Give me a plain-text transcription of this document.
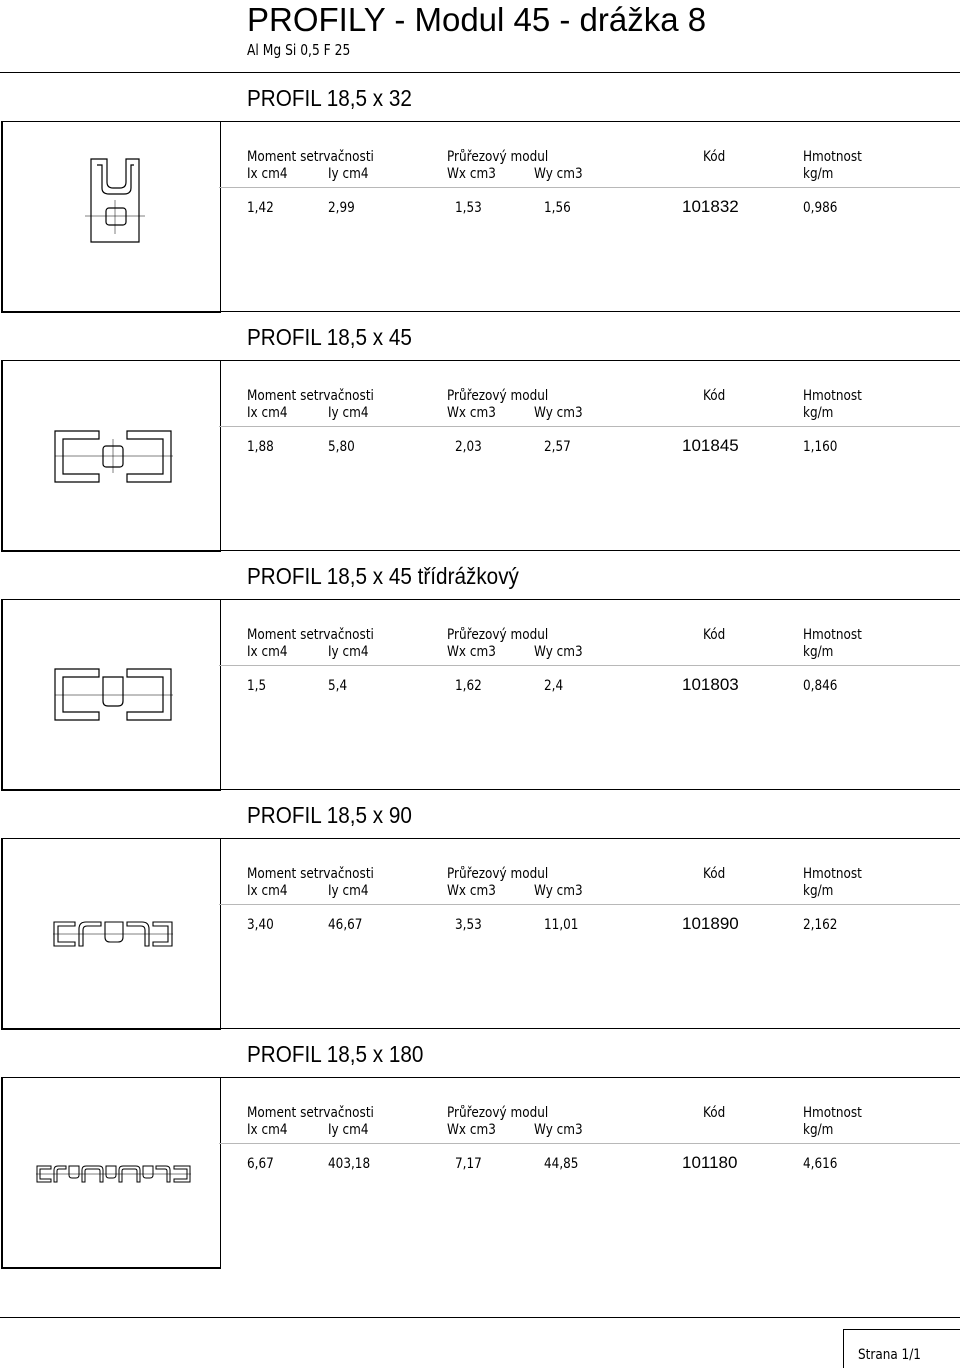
PROFILY - Modul 45 - drážka 8
Al Mg Si 0,5 F 25
PROFIL 18,5 x 32
Moment setrvačnosti	Průřezový modul	Kód	Hmotnost
Ix cm4	Iy cm4	Wx cm3	Wy cm3	kg/m
1,42	2,99	1,53	1,56	101832	0,986
PROFIL 18,5 x 45
Moment setrvačnosti	Průřezový modul	Kód	Hmotnost
Ix cm4	Iy cm4	Wx cm3	Wy cm3	kg/m
1,88	5,80	2,03	2,57	101845	1,160
PROFIL 18,5 x 45 třídrážkový
Moment setrvačnosti	Průřezový modul	Kód	Hmotnost
Ix cm4	Iy cm4	Wx cm3	Wy cm3	kg/m
1,5	5,4	1,62	2,4	101803	0,846
PROFIL 18,5 x 90
Moment setrvačnosti	Průřezový modul	Kód	Hmotnost
Ix cm4	Iy cm4	Wx cm3	Wy cm3	kg/m
3,40	46,67	3,53	11,01	101890	2,162
PROFIL 18,5 x 180
Moment setrvačnosti	Průřezový modul	Kód	Hmotnost
Ix cm4	Iy cm4	Wx cm3	Wy cm3	kg/m
6,67	403,18	7,17	44,85	101180	4,616
Strana 1/1
